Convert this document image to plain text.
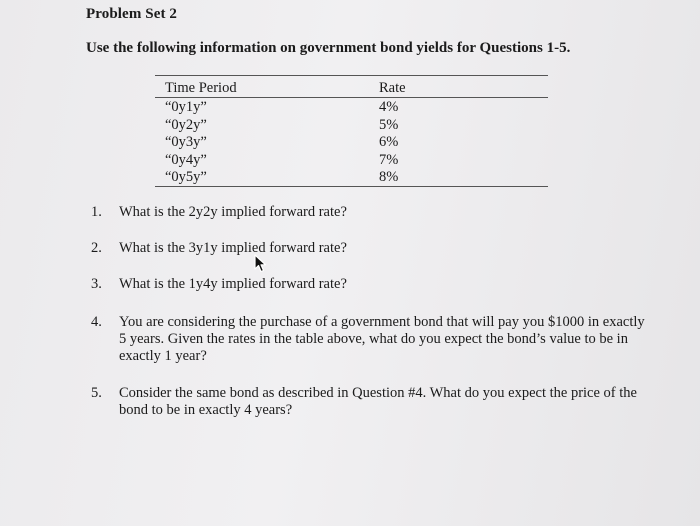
Problem Set 2
Use the following information on government bond yields for Questions 1-5.
Time Period	Rate
“0y1y”	4%
“0y2y”	5%
“0y3y”	6%
“0y4y”	7%
“0y5y”	8%
1.	What is the 2y2y implied forward rate?
2.	What is the 3y1y implied forward rate?
3.	What is the 1y4y implied forward rate?
4.	You are considering the purchase of a government bond that will pay you $1000 in exactly 5 years. Given the rates in the table above, what do you expect the bond’s value to be in exactly 1 year?
5.	Consider the same bond as described in Question #4. What do you expect the price of the bond to be in exactly 4 years?
